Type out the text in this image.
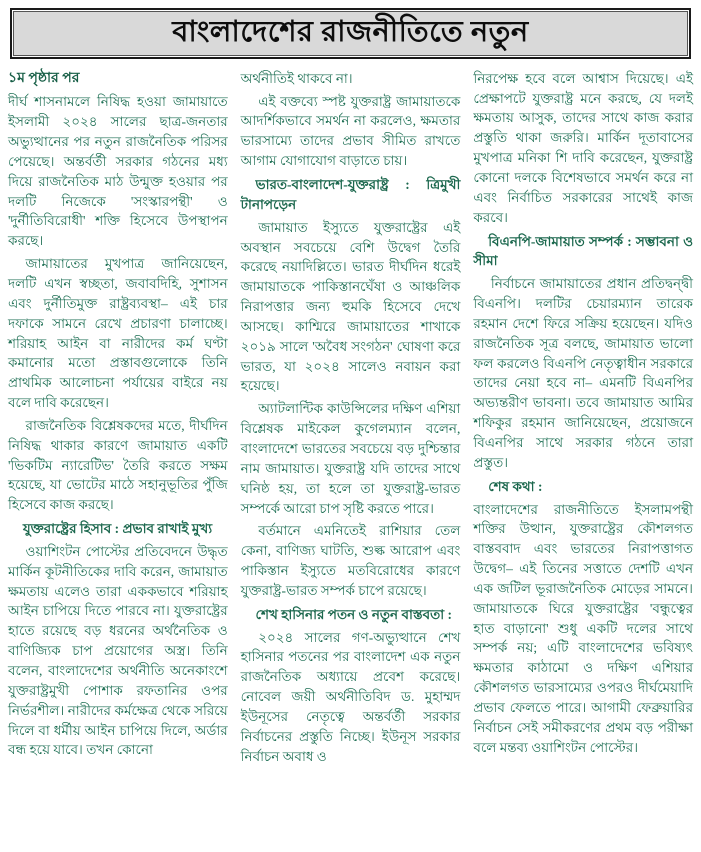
বাংলাদেশের রাজনীতিতে নতুন
১ম পৃষ্ঠার পর

দীর্ঘ শাসনামলে নিষিদ্ধ হওয়া জামায়াতে ইসলামী ২০২৪ সালের ছাত্র-জনতার অভ্যুত্থানের পর নতুন রাজনৈতিক পরিসর পেয়েছে। অন্তর্বর্তী সরকার গঠনের মধ্য দিয়ে রাজনৈতিক মাঠ উন্মুক্ত হওয়ার পর দলটি নিজেকে 'সংস্কারপন্থী' ও 'দুর্নীতিবিরোধী' শক্তি হিসেবে উপস্থাপন করছে।

জামায়াতের মুখপাত্র জানিয়েছেন, দলটি এখন স্বচ্ছতা, জবাবদিহি, সুশাসন এবং দুর্নীতিমুক্ত রাষ্ট্রব্যবস্থা– এই চার দফাকে সামনে রেখে প্রচারণা চালাচ্ছে। শরিয়াহ আইন বা নারীদের কর্ম ঘণ্টা কমানোর মতো প্রস্তাবগুলোকে তিনি প্রাথমিক আলোচনা পর্যায়ের বাইরে নয় বলে দাবি করেছেন।

রাজনৈতিক বিশ্লেষকদের মতে, দীর্ঘদিন নিষিদ্ধ থাকার কারণে জামায়াত একটি 'ভিকটিম ন্যারেটিভ' তৈরি করতে সক্ষম হয়েছে, যা ভোটের মাঠে সহানুভূতির পুঁজি হিসেবে কাজ করছে।

যুক্তরাষ্ট্রের হিসাব : প্রভাব রাখাই মুখ্য

ওয়াশিংটন পোস্টের প্রতিবেদনে উদ্ধৃত মার্কিন কূটনীতিকের দাবি করেন, জামায়াত ক্ষমতায় এলেও তারা এককভাবে শরিয়াহ আইন চাপিয়ে দিতে পারবে না। যুক্তরাষ্ট্রের হাতে রয়েছে বড় ধরনের অর্থনৈতিক ও বাণিজ্যিক চাপ প্রয়োগের অস্ত্র। তিনি বলেন, বাংলাদেশের অর্থনীতি অনেকাংশে যুক্তরাষ্ট্রমুখী পোশাক রফতানির ওপর নির্ভরশীল। নারীদের কর্মক্ষেত্র থেকে সরিয়ে দিলে বা ধর্মীয় আইন চাপিয়ে দিলে, অর্ডার বন্ধ হয়ে যাবে। তখন কোনো

অর্থনীতিই থাকবে না।

এই বক্তব্যে স্পষ্ট যুক্তরাষ্ট্র জামায়াতকে আদর্শিকভাবে সমর্থন না করলেও, ক্ষমতার ভারসাম্যে তাদের প্রভাব সীমিত রাখতে আগাম যোগাযোগ বাড়াতে চায়।

ভারত-বাংলাদেশ-যুক্তরাষ্ট্র : ত্রিমুখী টানাপড়েন

জামায়াত ইস্যুতে যুক্তরাষ্ট্রের এই অবস্থান সবচেয়ে বেশি উদ্বেগ তৈরি করেছে নয়াদিল্লিতে। ভারত দীর্ঘদিন ধরেই জামায়াতকে পাকিস্তানঘেঁষা ও আঞ্চলিক নিরাপত্তার জন্য হুমকি হিসেবে দেখে আসছে। কাশ্মিরে জামায়াতের শাখাকে ২০১৯ সালে 'অবৈধ সংগঠন' ঘোষণা করে ভারত, যা ২০২৪ সালেও নবায়ন করা হয়েছে।

অ্যাটলান্টিক কাউন্সিলের দক্ষিণ এশিয়া বিশ্লেষক মাইকেল কুগেলম্যান বলেন, বাংলাদেশে ভারতের সবচেয়ে বড় দুশ্চিন্তার নাম জামায়াত। যুক্তরাষ্ট্র যদি তাদের সাথে ঘনিষ্ঠ হয়, তা হলে তা যুক্তরাষ্ট্র-ভারত সম্পর্কে আরো চাপ সৃষ্টি করতে পারে।

বর্তমানে এমনিতেই রাশিয়ার তেল কেনা, বাণিজ্য ঘাটতি, শুল্ক আরোপ এবং পাকিস্তান ইস্যুতে মতবিরোধের কারণে যুক্তরাষ্ট্র-ভারত সম্পর্ক চাপে রয়েছে।

শেখ হাসিনার পতন ও নতুন বাস্তবতা :

২০২৪ সালের গণ-অভ্যুত্থানে শেখ হাসিনার পতনের পর বাংলাদেশ এক নতুন রাজনৈতিক অধ্যায়ে প্রবেশ করেছে। নোবেল জয়ী অর্থনীতিবিদ ড. মুহাম্মদ ইউনূসের নেতৃত্বে অন্তর্বর্তী সরকার নির্বাচনের প্রস্তুতি নিচ্ছে। ইউনূস সরকার নির্বাচন অবাধ ও

নিরপেক্ষ হবে বলে আশ্বাস দিয়েছে। এই প্রেক্ষাপটে যুক্তরাষ্ট্র মনে করছে, যে দলই ক্ষমতায় আসুক, তাদের সাথে কাজ করার প্রস্তুতি থাকা জরুরি। মার্কিন দূতাবাসের মুখপাত্র মনিকা শি দাবি করেছেন, যুক্তরাষ্ট্র কোনো দলকে বিশেষভাবে সমর্থন করে না এবং নির্বাচিত সরকারের সাথেই কাজ করবে।

বিএনপি-জামায়াত সম্পর্ক : সম্ভাবনা ও সীমা

নির্বাচনে জামায়াতের প্রধান প্রতিদ্বন্দ্বী বিএনপি। দলটির চেয়ারম্যান তারেক রহমান দেশে ফিরে সক্রিয় হয়েছেন। যদিও রাজনৈতিক সূত্র বলছে, জামায়াত ভালো ফল করলেও বিএনপি নেতৃত্বাধীন সরকারে তাদের নেয়া হবে না– এমনটি বিএনপির অভ্যন্তরীণ ভাবনা। তবে জামায়াত আমির শফিকুর রহমান জানিয়েছেন, প্রয়োজনে বিএনপির সাথে সরকার গঠনে তারা প্রস্তুত।

শেষ কথা :

বাংলাদেশের রাজনীতিতে ইসলামপন্থী শক্তির উত্থান, যুক্তরাষ্ট্রের কৌশলগত বাস্তববাদ এবং ভারতের নিরাপত্তাগত উদ্বেগ– এই তিনের সত্তাতে দেশটি এখন এক জটিল ভূরাজনৈতিক মোড়ের সামনে। জামায়াতকে ঘিরে যুক্তরাষ্ট্রের 'বন্ধুত্বের হাত বাড়ানো' শুধু একটি দলের সাথে সম্পর্ক নয়; এটি বাংলাদেশের ভবিষ্যৎ ক্ষমতার কাঠামো ও দক্ষিণ এশিয়ার কৌশলগত ভারসাম্যের ওপরও দীর্ঘমেয়াদি প্রভাব ফেলতে পারে। আগামী ফেব্রুয়ারির নির্বাচন সেই সমীকরণের প্রথম বড় পরীক্ষা বলে মন্তব্য ওয়াশিংটন পোস্টের।
